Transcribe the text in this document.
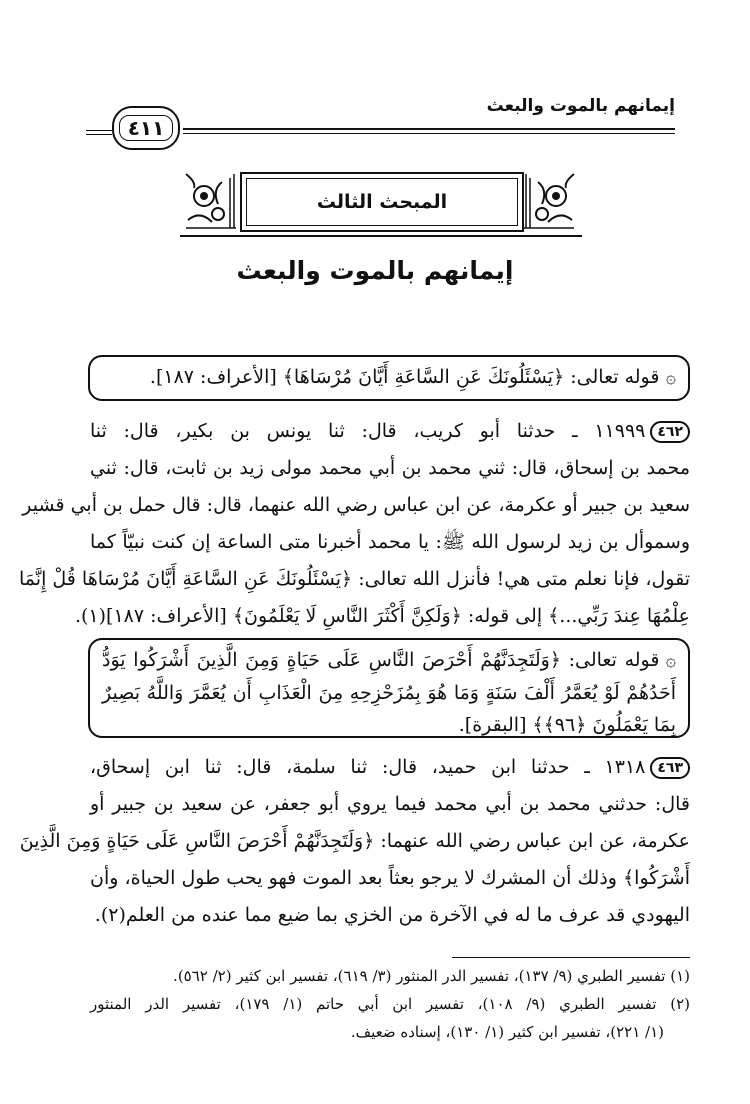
إيمانهم بالموت والبعث
٤١١
المبحث الثالث
إيمانهم بالموت والبعث
۞قوله تعالى: ﴿يَسْئَلُونَكَ عَنِ السَّاعَةِ أَيَّانَ مُرْسَاهَا﴾ [الأعراف: ١٨٧].
٤٦٢١١٩٩٩ ـ حدثنا أبو كريب، قال: ثنا يونس بن بكير، قال: ثنا
محمد بن إسحاق، قال: ثني محمد بن أبي محمد مولى زيد بن ثابت، قال: ثني
سعيد بن جبير أو عكرمة، عن ابن عباس رضي الله عنهما، قال: قال حمل بن أبي قشير
وسموأل بن زيد لرسول الله ﷺ: يا محمد أخبرنا متى الساعة إن كنت نبيّاً كما
تقول، فإنا نعلم متى هي! فأنزل الله تعالى: ﴿يَسْئَلُونَكَ عَنِ السَّاعَةِ أَيَّانَ مُرْسَاهَا قُلْ إِنَّمَا
عِلْمُهَا عِندَ رَبِّي...﴾ إلى قوله: ﴿وَلَكِنَّ أَكْثَرَ النَّاسِ لَا يَعْلَمُونَ﴾ [الأعراف: ١٨٧](١).
۞قوله تعالى: ﴿وَلَتَجِدَنَّهُمْ أَحْرَصَ النَّاسِ عَلَى حَيَاةٍ وَمِنَ الَّذِينَ أَشْرَكُوا يَوَدُّ
أَحَدُهُمْ لَوْ يُعَمَّرُ أَلْفَ سَنَةٍ وَمَا هُوَ بِمُزَحْزِحِهِ مِنَ الْعَذَابِ أَن يُعَمَّرَ وَاللَّهُ بَصِيرٌ
بِمَا يَعْمَلُونَ ﴿٩٦﴾﴾ [البقرة].
٤٦٣١٣١٨ ـ حدثنا ابن حميد، قال: ثنا سلمة، قال: ثنا ابن إسحاق،
قال: حدثني محمد بن أبي محمد فيما يروي أبو جعفر، عن سعيد بن جبير أو
عكرمة، عن ابن عباس رضي الله عنهما: ﴿وَلَتَجِدَنَّهُمْ أَحْرَصَ النَّاسِ عَلَى حَيَاةٍ وَمِنَ الَّذِينَ
أَشْرَكُوا﴾ وذلك أن المشرك لا يرجو بعثاً بعد الموت فهو يحب طول الحياة، وأن
اليهودي قد عرف ما له في الآخرة من الخزي بما ضيع مما عنده من العلم(٢).
(١) تفسير الطبري (٩/ ١٣٧)، تفسير الدر المنثور (٣/ ٦١٩)، تفسير ابن كثير (٢/ ٥٦٢).
(٢) تفسير الطبري (٩/ ١٠٨)، تفسير ابن أبي حاتم (١/ ١٧٩)، تفسير الدر المنثور
(١/ ٢٢١)، تفسير ابن كثير (١/ ١٣٠)، إسناده ضعيف.
